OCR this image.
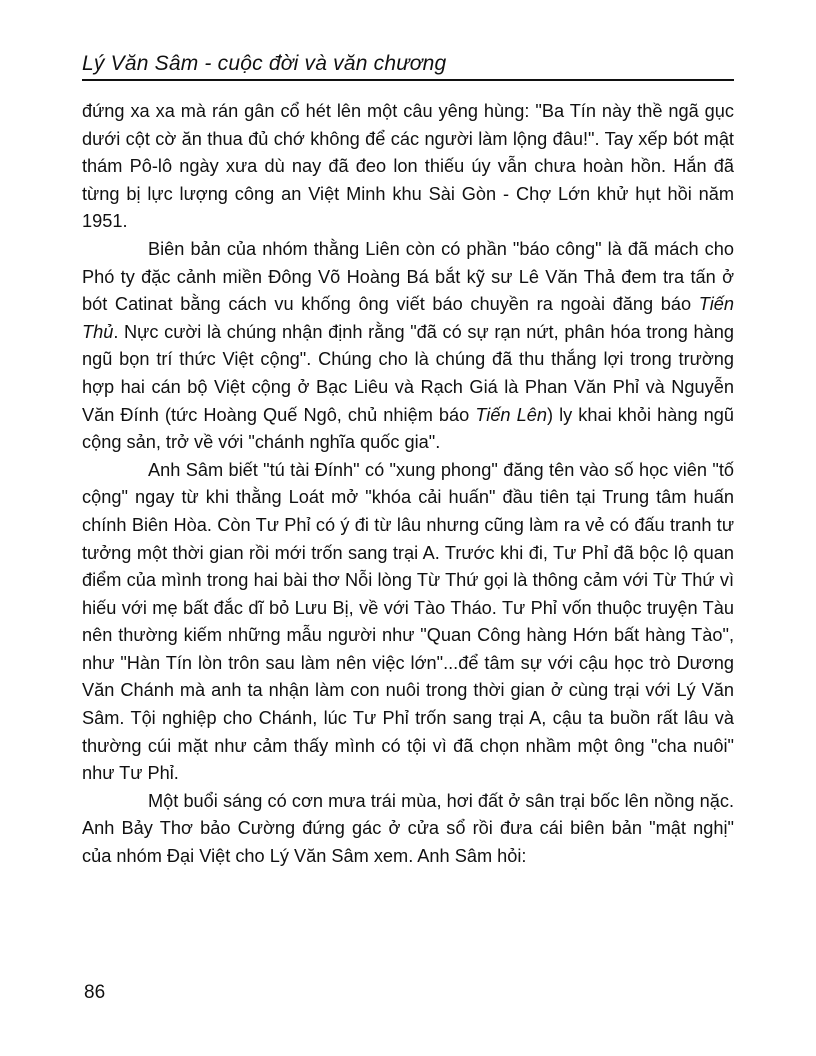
Lý Văn Sâm - cuộc đời và văn chương

đứng xa xa mà rán gân cổ hét lên một câu yêng hùng: "Ba Tín này thề ngã gục dưới cột cờ ăn thua đủ chớ không để các người làm lộng đâu!". Tay xếp bót mật thám Pô-lô ngày xưa dù nay đã đeo lon thiếu úy vẫn chưa hoàn hồn. Hắn đã từng bị lực lượng công an Việt Minh khu Sài Gòn - Chợ Lớn khử hụt hồi năm 1951.

Biên bản của nhóm thằng Liên còn có phần "báo công" là đã mách cho Phó ty đặc cảnh miền Đông Võ Hoàng Bá bắt kỹ sư Lê Văn Thả đem tra tấn ở bót Catinat bằng cách vu khống ông viết báo chuyền ra ngoài đăng báo Tiến Thủ. Nực cười là chúng nhận định rằng "đã có sự rạn nứt, phân hóa trong hàng ngũ bọn trí thức Việt cộng". Chúng cho là chúng đã thu thắng lợi trong trường hợp hai cán bộ Việt cộng ở Bạc Liêu và Rạch Giá là Phan Văn Phỉ và Nguyễn Văn Đính (tức Hoàng Quế Ngô, chủ nhiệm báo Tiến Lên) ly khai khỏi hàng ngũ cộng sản, trở về với "chánh nghĩa quốc gia".

Anh Sâm biết "tú tài Đính" có "xung phong" đăng tên vào số học viên "tố cộng" ngay từ khi thằng Loát mở "khóa cải huấn" đầu tiên tại Trung tâm huấn chính Biên Hòa. Còn Tư Phỉ có ý đi từ lâu nhưng cũng làm ra vẻ có đấu tranh tư tưởng một thời gian rồi mới trốn sang trại A. Trước khi đi, Tư Phỉ đã bộc lộ quan điểm của mình trong hai bài thơ Nỗi lòng Từ Thứ gọi là thông cảm với Từ Thứ vì hiếu với mẹ bất đắc dĩ bỏ Lưu Bị, về với Tào Tháo. Tư Phỉ vốn thuộc truyện Tàu nên thường kiếm những mẫu người như "Quan Công hàng Hớn bất hàng Tào", như "Hàn Tín lòn trôn sau làm nên việc lớn"...để tâm sự với cậu học trò Dương Văn Chánh mà anh ta nhận làm con nuôi trong thời gian ở cùng trại với Lý Văn Sâm. Tội nghiệp cho Chánh, lúc Tư Phỉ trốn sang trại A, cậu ta buồn rất lâu và thường cúi mặt như cảm thấy mình có tội vì đã chọn nhầm một ông "cha nuôi" như Tư Phỉ.

Một buổi sáng có cơn mưa trái mùa, hơi đất ở sân trại bốc lên nồng nặc. Anh Bảy Thơ bảo Cường đứng gác ở cửa sổ rồi đưa cái biên bản "mật nghị" của nhóm Đại Việt cho Lý Văn Sâm xem. Anh Sâm hỏi:

86
